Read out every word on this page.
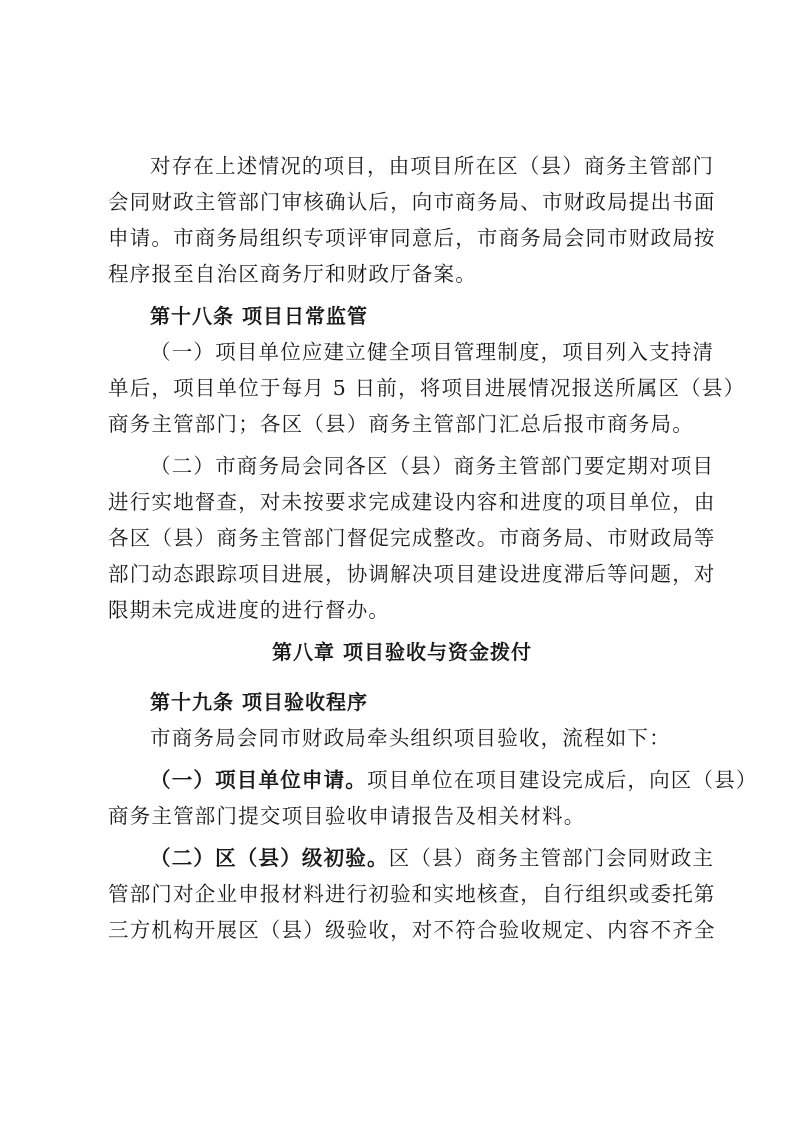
对存在上述情况的项目，由项目所在区（县）商务主管部门
会同财政主管部门审核确认后，向市商务局、市财政局提出书面
申请。市商务局组织专项评审同意后，市商务局会同市财政局按
程序报至自治区商务厅和财政厅备案。
第十八条 项目日常监管
（一）项目单位应建立健全项目管理制度，项目列入支持清
单后，项目单位于每月 5 日前，将项目进展情况报送所属区（县）
商务主管部门；各区（县）商务主管部门汇总后报市商务局。
（二）市商务局会同各区（县）商务主管部门要定期对项目
进行实地督查，对未按要求完成建设内容和进度的项目单位，由
各区（县）商务主管部门督促完成整改。市商务局、市财政局等
部门动态跟踪项目进展，协调解决项目建设进度滞后等问题，对
限期未完成进度的进行督办。
第八章 项目验收与资金拨付
第十九条 项目验收程序
市商务局会同市财政局牵头组织项目验收，流程如下：
（一）项目单位申请。项目单位在项目建设完成后，向区（县）
商务主管部门提交项目验收申请报告及相关材料。
（二）区（县）级初验。区（县）商务主管部门会同财政主
管部门对企业申报材料进行初验和实地核查，自行组织或委托第
三方机构开展区（县）级验收，对不符合验收规定、内容不齐全
